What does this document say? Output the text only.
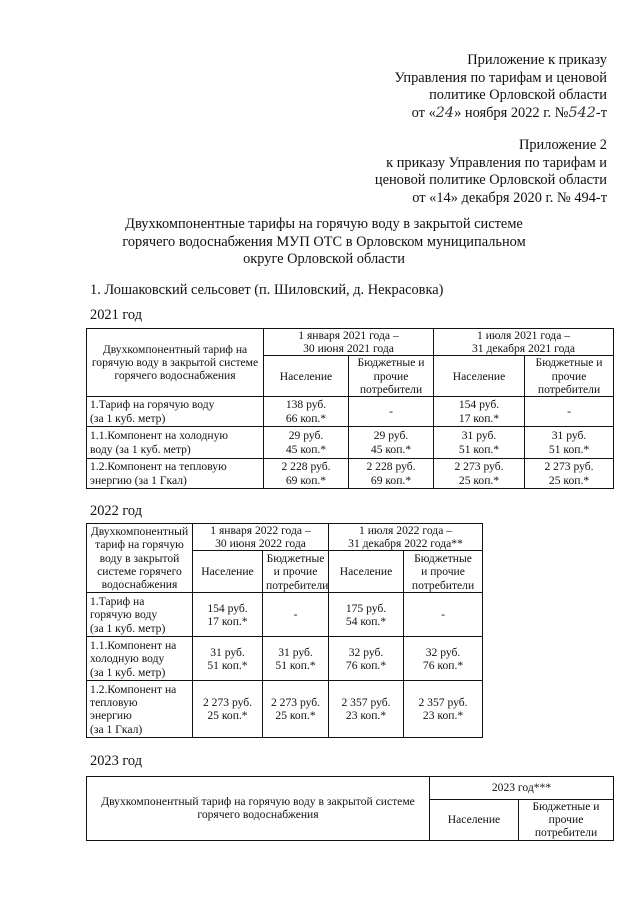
Приложение к приказу
Управления по тарифам и ценовой
политике Орловской области
от «24» ноября 2022 г. №542-т
Приложение 2
к приказу Управления по тарифам и
ценовой политике Орловской области
от «14» декабря 2020 г. № 494-т
Двухкомпонентные тарифы на горячую воду в закрытой системе горячего водоснабжения МУП ОТС в Орловском муниципальном округе Орловской области
1. Лошаковский сельсовет (п. Шиловский, д. Некрасовка)
2021 год
Двухкомпонентный тариф на горячую воду в закрытой системе горячего водоснабжения	1 января 2021 года –
30 июня 2021 года		1 июля 2021 года –
31 декабря 2021 года	
	Население	Бюджетные и
прочие
потребители	Население	Бюджетные и
прочие
потребители
1.Тариф на горячую воду
(за 1 куб. метр)	138 руб.
66 коп.*	-	154 руб.
17 коп.*	-
1.1.Компонент на холодную
воду (за 1 куб. метр)	29 руб.
45 коп.*	29 руб.
45 коп.*	31 руб.
51 коп.*	31 руб.
51 коп.*
1.2.Компонент на тепловую
энергию (за 1 Гкал)	2 228 руб.
69 коп.*	2 228 руб.
69 коп.*	2 273 руб.
25 коп.*	2 273 руб.
25 коп.*
2022 год
Двухкомпонентный
тариф на горячую
воду в закрытой
системе горячего
водоснабжения	1 января 2022 года –
30 июня 2022 года		1 июля 2022 года –
31 декабря 2022 года**	
	Население	Бюджетные
и прочие
потребители	Население	Бюджетные
и прочие
потребители
1.Тариф на
горячую воду
(за 1 куб. метр)	154 руб.
17 коп.*	-	175 руб.
54 коп.*	-
1.1.Компонент на
холодную воду
(за 1 куб. метр)	31 руб.
51 коп.*	31 руб.
51 коп.*	32 руб.
76 коп.*	32 руб.
76 коп.*
1.2.Компонент на
тепловую
энергию
(за 1 Гкал)	2 273 руб.
25 коп.*	2 273 руб.
25 коп.*	2 357 руб.
23 коп.*	2 357 руб.
23 коп.*
2023 год
Двухкомпонентный тариф на горячую воду в закрытой системе
горячего водоснабжения	2023 год***	
	Население	Бюджетные и
прочие
потребители
